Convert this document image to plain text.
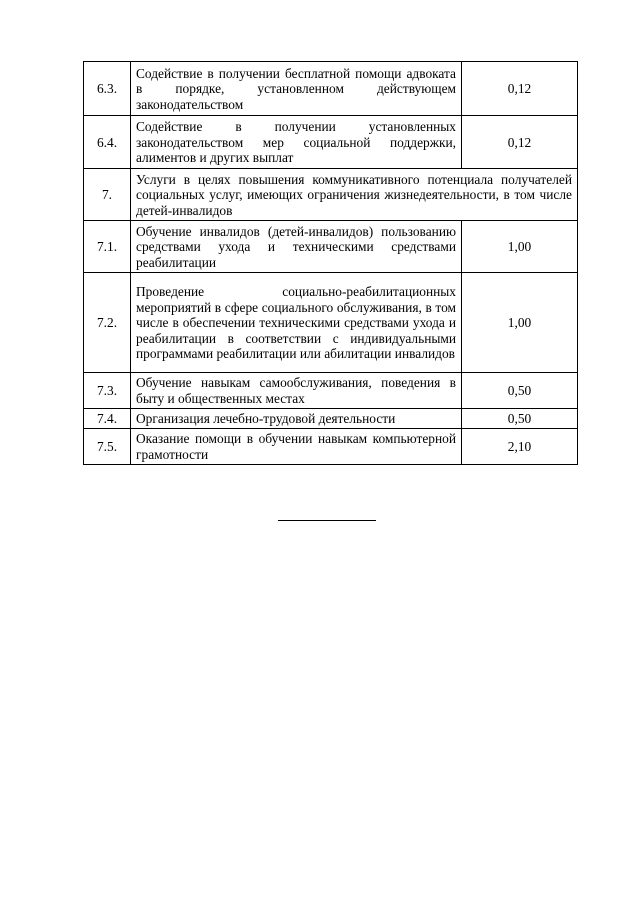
6.3.	Содействие в получении бесплатной помощи адвоката в порядке, установленном действующем законодательством	0,12
6.4.	Содействие в получении установленных законодательством мер социальной поддержки, алиментов и других выплат	0,12
7.	Услуги в целях повышения коммуникативного потенциала получателей социальных услуг, имеющих ограничения жизнедеятельности, в том числе детей-инвалидов	
7.1.	Обучение инвалидов (детей-инвалидов) пользованию средствами ухода и техническими средствами реабилитации	1,00
7.2.	Проведение социально-реабилитационных мероприятий в сфере социального обслуживания, в том числе в обеспечении техническими средствами ухода и реабилитации в соответствии с индивидуальными программами реабилитации или абилитации инвалидов	1,00
7.3.	Обучение навыкам самообслуживания, поведения в быту и общественных местах	0,50
7.4.	Организация лечебно-трудовой деятельности	0,50
7.5.	Оказание помощи в обучении навыкам компьютерной грамотности	2,10
